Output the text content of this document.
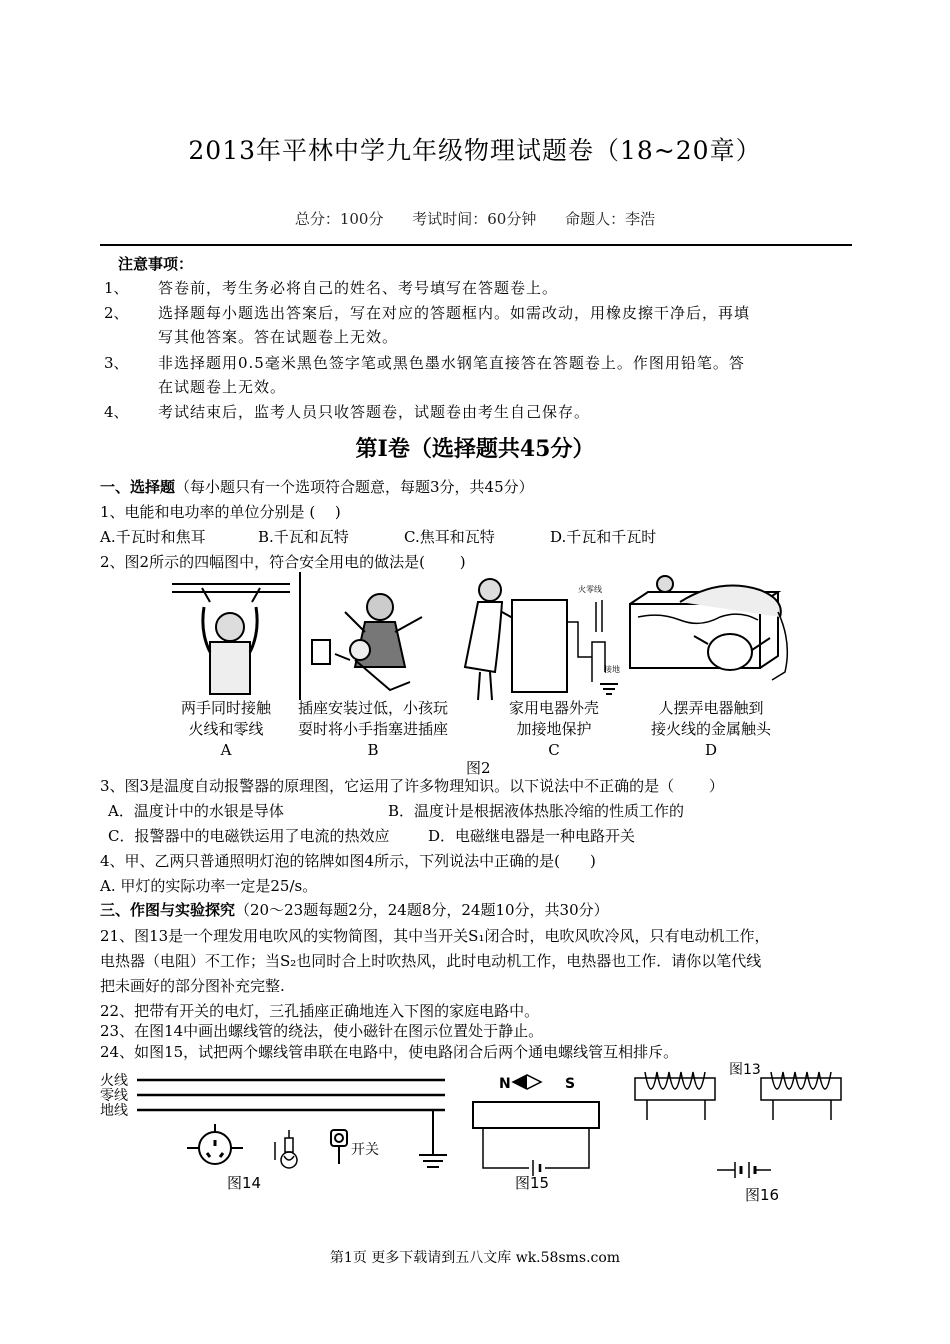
2013年平林中学九年级物理试题卷（18~20章）
总分：100分 考试时间：60分钟 命题人：李浩
注意事项：
1、 答卷前，考生务必将自己的姓名、考号填写在答题卷上。
2、 选择题每小题选出答案后，写在对应的答题框内。如需改动，用橡皮擦干净后，再填
写其他答案。答在试题卷上无效。
3、 非选择题用0.5毫米黑色签字笔或黑色墨水钢笔直接答在答题卷上。作图用铅笔。答
在试题卷上无效。
4、 考试结束后，监考人员只收答题卷，试题卷由考生自己保存。
第Ⅰ卷（选择题共45分）
一、选择题（每小题只有一个选项符合题意，每题3分，共45分）
1、电能和电功率的单位分别是 (　 )
A.千瓦时和焦耳	B.千瓦和瓦特	C.焦耳和瓦特	D.千瓦和千瓦时
2、图2所示的四幅图中，符合安全用电的做法是(　　 )
火零线
接地
两手同时接触
火线和零线
A
插座安装过低，小孩玩
耍时将小手指塞进插座
B
家用电器外壳
加接地保护
C
人摆弄电器触到
接火线的金属触头
D
图2
3、图3是温度自动报警器的原理图，它运用了许多物理知识。以下说法中不正确的是（　　 ）
A．温度计中的水银是导体	B．温度计是根据液体热胀冷缩的性质工作的
C．报警器中的电磁铁运用了电流的热效应	D．电磁继电器是一种电路开关
4、甲、乙两只普通照明灯泡的铭牌如图4所示，下列说法中正确的是(　　)
A. 甲灯的实际功率一定是25/s。
三、作图与实验探究（20～23题每题2分，24题8分，24题10分，共30分）
21、图13是一个理发用电吹风的实物简图，其中当开关S₁闭合时，电吹风吹冷风，只有电动机工作，
电热器（电阻）不工作；当S₂也同时合上时吹热风，此时电动机工作，电热器也工作．请你以笔代线
把未画好的部分图补充完整.
22、把带有开关的电灯，三孔插座正确地连入下图的家庭电路中。
23、在图14中画出螺线管的绕法，使小磁针在图示位置处于静止。
24、如图15，试把两个螺线管串联在电路中，使电路闭合后两个通电螺线管互相排斥。
火线
零线
地线
开关
图14
N	S
图15
图13
图16
第1页 更多下载请到五八文库 wk.58sms.com
